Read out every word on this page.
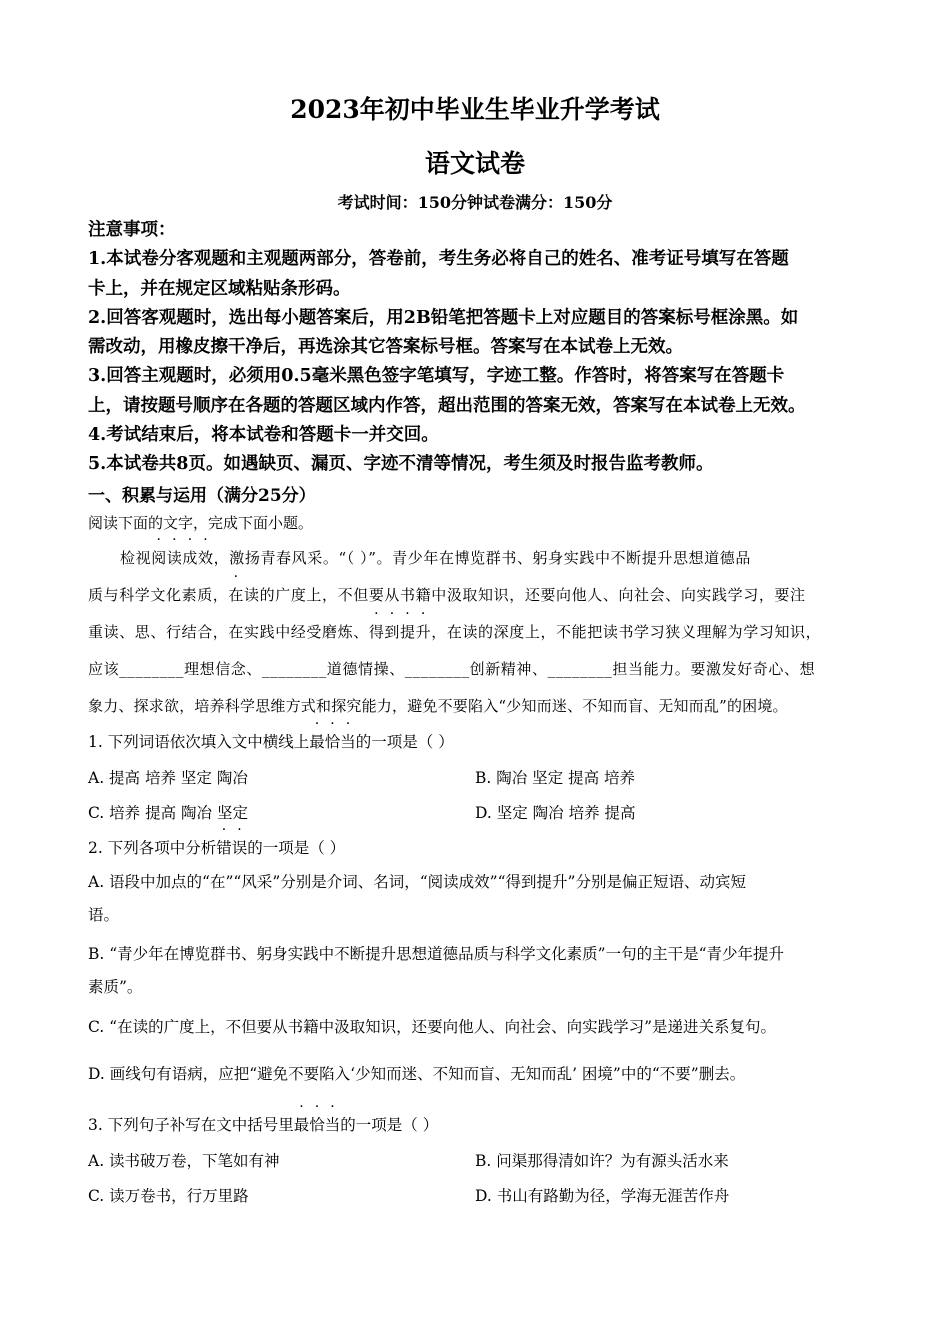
2023年初中毕业生毕业升学考试
语文试卷
考试时间：150分钟试卷满分：150分
注意事项：
1.本试卷分客观题和主观题两部分，答卷前，考生务必将自己的姓名、准考证号填写在答题
卡上，并在规定区域粘贴条形码。
2.回答客观题时，选出每小题答案后，用2B铅笔把答题卡上对应题目的答案标号框涂黑。如
需改动，用橡皮擦干净后，再选涂其它答案标号框。答案写在本试卷上无效。
3.回答主观题时，必须用0.5毫米黑色签字笔填写，字迹工整。作答时，将答案写在答题卡
上，请按题号顺序在各题的答题区域内作答，超出范围的答案无效，答案写在本试卷上无效。
4.考试结束后，将本试卷和答题卡一并交回。
5.本试卷共8页。如遇缺页、漏页、字迹不清等情况，考生须及时报告监考教师。
一、积累与运用（满分25分）
阅读下面的文字，完成下面小题。
检视阅读成效，激扬青春风采。“（ ）”。青少年在博览群书、躬身实践中不断提升思想道德品
质与科学文化素质，在读的广度上，不但要从书籍中汲取知识，还要向他人、向社会、向实践学习，要注
重读、思、行结合，在实践中经受磨炼、得到提升，在读的深度上，不能把读书学习狭义理解为学习知识，
应该________理想信念、________道德情操、________创新精神、________担当能力。要激发好奇心、想
象力、探求欲，培养科学思维方式和探究能力，避免不要陷入“少知而迷、不知而盲、无知而乱”的困境。
1. 下列词语依次填入文中横线上最恰当的一项是（ ）
A. 提高 培养 坚定 陶冶	B. 陶冶 坚定 提高 培养
C. 培养 提高 陶冶 坚定	D. 坚定 陶冶 培养 提高
2. 下列各项中分析错误的一项是（ ）
A. 语段中加点的“在”“风采”分别是介词、名词，“阅读成效”“得到提升”分别是偏正短语、动宾短
语。
B. “青少年在博览群书、躬身实践中不断提升思想道德品质与科学文化素质”一句的主干是“青少年提升
素质”。
C. “在读的广度上，不但要从书籍中汲取知识，还要向他人、向社会、向实践学习”是递进关系复句。
D. 画线句有语病，应把“避免不要陷入‘少知而迷、不知而盲、无知而乱’ 困境”中的“不要”删去。
3. 下列句子补写在文中括号里最恰当的一项是（ ）
A. 读书破万卷，下笔如有神	B. 问渠那得清如许？为有源头活水来
C. 读万卷书，行万里路	D. 书山有路勤为径，学海无涯苦作舟
